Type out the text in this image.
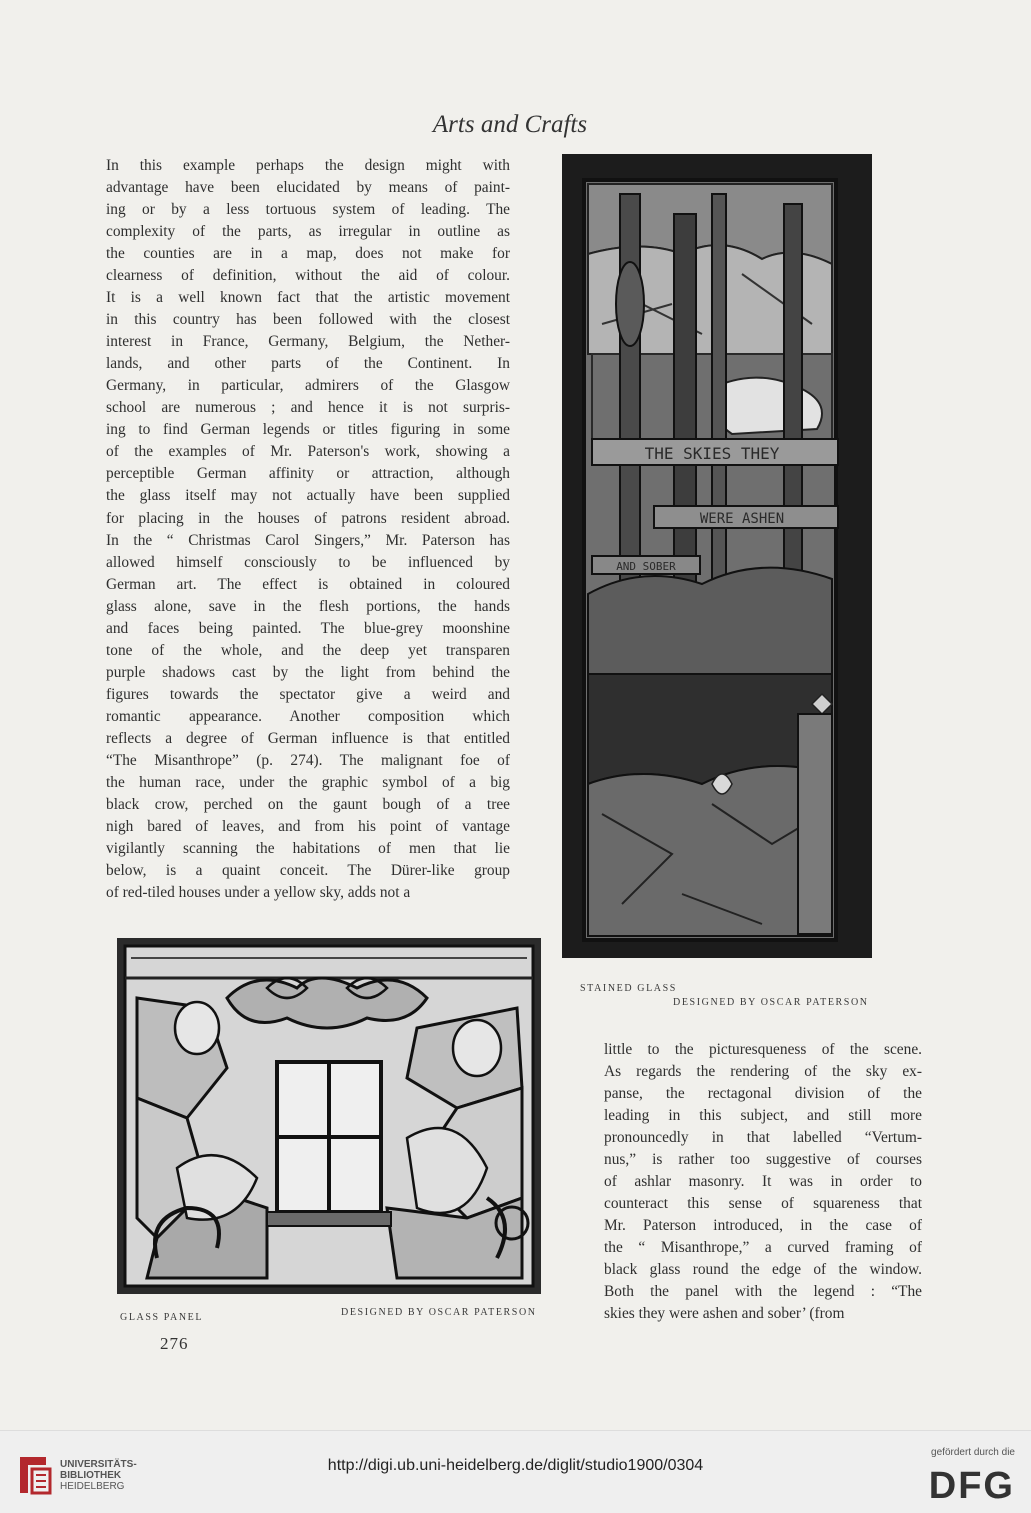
Arts and Crafts
In this example perhaps the design might with
advantage have been elucidated by means of paint-
ing or by a less tortuous system of leading. The
complexity of the parts, as irregular in outline as
the counties are in a map, does not make for
clearness of definition, without the aid of colour.
It is a well known fact that the artistic movement
in this country has been followed with the closest
interest in France, Germany, Belgium, the Nether-
lands, and other parts of the Continent. In
Germany, in particular, admirers of the Glasgow
school are numerous ; and hence it is not surpris-
ing to find German legends or titles figuring in some
of the examples of Mr. Paterson's work, showing a
perceptible German affinity or attraction, although
the glass itself may not actually have been supplied
for placing in the houses of patrons resident abroad.
In the “ Christmas Carol Singers,” Mr. Paterson has
allowed himself consciously to be influenced by
German art. The effect is obtained in coloured
glass alone, save in the flesh portions, the hands
and faces being painted. The blue-grey moonshine
tone of the whole, and the deep yet transparen
purple shadows cast by the light from behind the
figures towards the spectator give a weird and
romantic appearance. Another composition which
reflects a degree of German influence is that entitled
“The Misanthrope” (p. 274). The malignant foe of
the human race, under the graphic symbol of a big
black crow, perched on the gaunt bough of a tree
nigh bared of leaves, and from his point of vantage
vigilantly scanning the habitations of men that lie
below, is a quaint conceit. The Dürer-like group
of red-tiled houses under a yellow sky, adds not a
THE SKIES THEY
WERE ASHEN
AND SOBER
STAINED GLASS
DESIGNED BY OSCAR PATERSON
GLASS PANEL	DESIGNED BY OSCAR PATERSON
little to the picturesqueness of the scene.
As regards the rendering of the sky ex-
panse, the rectagonal division of the
leading in this subject, and still more
pronouncedly in that labelled “Vertum-
nus,” is rather too suggestive of courses
of ashlar masonry. It was in order to
counteract this sense of squareness that
Mr. Paterson introduced, in the case of
the “ Misanthrope,” a curved framing of
black glass round the edge of the window.
Both the panel with the legend : “The
skies they were ashen and sober’ (from
276
UNIVERSITÄTS-
BIBLIOTHEK
HEIDELBERG
http://digi.ub.uni-heidelberg.de/diglit/studio1900/0304
gefördert durch die
DFG
